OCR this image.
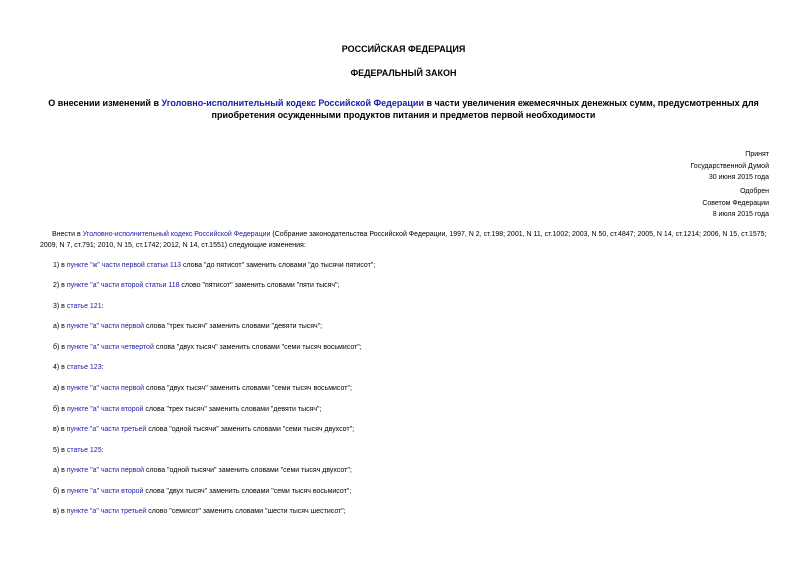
РОССИЙСКАЯ ФЕДЕРАЦИЯ

ФЕДЕРАЛЬНЫЙ ЗАКОН

О внесении изменений в Уголовно-исполнительный кодекс Российской Федерации в части увеличения ежемесячных денежных сумм, предусмотренных для приобретения осужденными продуктов питания и предметов первой необходимости

Принят
Государственной Думой
30 июня 2015 года
Одобрен
Советом Федерации
8 июля 2015 года

Внести в Уголовно-исполнительный кодекс Российской Федерации (Собрание законодательства Российской Федерации, 1997, N 2, ст.198; 2001, N 11, ст.1002; 2003, N 50, ст.4847; 2005, N 14, ст.1214; 2006, N 15, ст.1575; 2009, N 7, ст.791; 2010, N 15, ст.1742; 2012, N 14, ст.1551) следующие изменения:

1) в пункте "ж" части первой статьи 113 слова "до пятисот" заменить словами "до тысячи пятисот";

2) в пункте "а" части второй статьи 118 слово "пятисот" заменить словами "пяти тысяч";

3) в статье 121:

а) в пункте "а" части первой слова "трех тысяч" заменить словами "девяти тысяч";

б) в пункте "а" части четвертой слова "двух тысяч" заменить словами "семи тысяч восьмисот";

4) в статье 123:

а) в пункте "а" части первой слова "двух тысяч" заменить словами "семи тысяч восьмисот";

б) в пункте "а" части второй слова "трех тысяч" заменить словами "девяти тысяч";

в) в пункте "а" части третьей слова "одной тысячи" заменить словами "семи тысяч двухсот";

5) в статье 125:

а) в пункте "а" части первой слова "одной тысячи" заменить словами "семи тысяч двухсот";

б) в пункте "а" части второй слова "двух тысяч" заменить словами "семи тысяч восьмисот";

в) в пункте "а" части третьей слово "семисот" заменить словами "шести тысяч шестисот";
